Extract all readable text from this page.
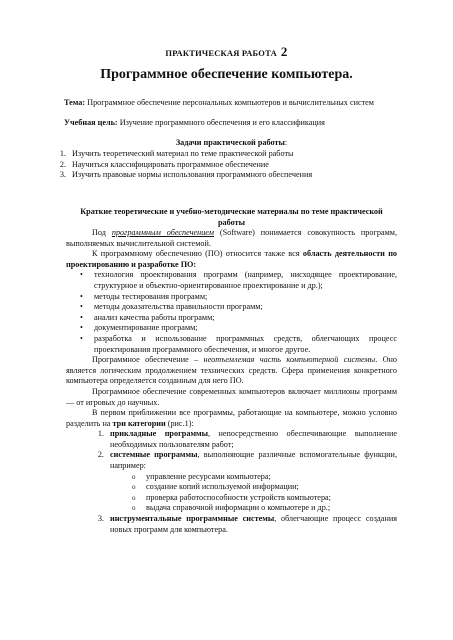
ПРАКТИЧЕСКАЯ РАБОТА 2
Программное обеспечение компьютера.
Тема: Программное обеспечение персональных компьютеров и вычислительных систем
Учебная цель: Изучение программного обеспечения и его классификация
Задачи практической работы:
1. Изучить теоретический материал по теме практической работы
2. Научиться классифицировать программное обеспечение
3. Изучить правовые нормы использования программного обеспечения
Краткие теоретические и учебно-методические материалы по теме практической работы

Под программным обеспечением (Software) понимается совокупность программ, выполняемых вычислительной системой.

К программному обеспечению (ПО) относится также вся область деятельности по проектированию и разработке ПО:

• технология проектирования программ (например, нисходящее проектирование, структурное и объектно-ориентированное проектирование и др.);
• методы тестирования программ;
• методы доказательства правильности программ;
• анализ качества работы программ;
• документирование программ;
• разработка и использование программных средств, облегчающих процесс проектирования программного обеспечения, и многое другое.

Программное обеспечение – неотъемлемая часть компьютерной системы. Оно является логическим продолжением технических средств. Сфера применения конкретного компьютера определяется созданным для него ПО.

Программное обеспечение современных компьютеров включает миллионы программ — от игровых до научных.

В первом приближении все программы, работающие на компьютере, можно условно разделить на три категории (рис.1):

1. прикладные программы, непосредственно обеспечивающие выполнение необходимых пользователям работ;
2. системные программы, выполняющие различные вспомогательные функции, например:
o управление ресурсами компьютера;
o создание копий используемой информации;
o проверка работоспособности устройств компьютера;
o выдача справочной информации о компьютере и др.;
3. инструментальные программные системы, облегчающие процесс создания новых программ для компьютера.
